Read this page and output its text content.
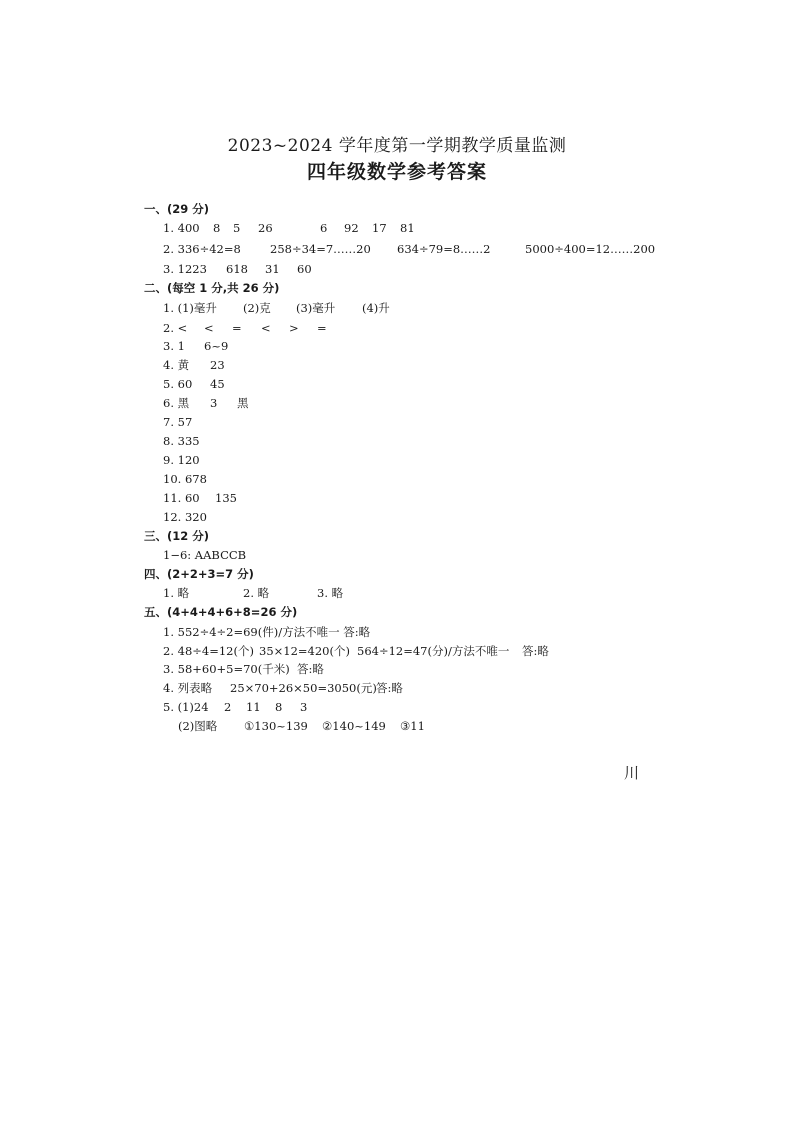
2023~2024 学年度第一学期教学质量监测
四年级数学参考答案
一、(29 分)
1. 400 8 5 26	6 92 17 81
2. 336÷42=8	258÷34=7……20 634÷79=8……2	5000÷400=12……200
3. 1223 618 31 60
二、(每空 1 分,共 26 分)
1. (1)毫升 (2)克 (3)毫升 (4)升
2. < < = < > =
3. 1 6~9
4. 黄 23
5. 60 45
6. 黑 3 黑
7. 57
8. 335
9. 120
10. 678
11. 60 135
12. 320
三、(12 分)
1−6: AABCCB
四、(2+2+3=7 分)
1. 略	2. 略	3. 略
五、(4+4+4+6+8=26 分)
1. 552÷4÷2=69(件)/方法不唯一 答:略
2. 48÷4=12(个) 35×12=420(个) 564÷12=47(分)/方法不唯一 答:略
3. 58+60+5=70(千米) 答:略
4. 列表略 25×70+26×50=3050(元) 答:略
5. (1)24 2 11 8 3
(2)图略 ①130~139 ②140~149 ③11
川
